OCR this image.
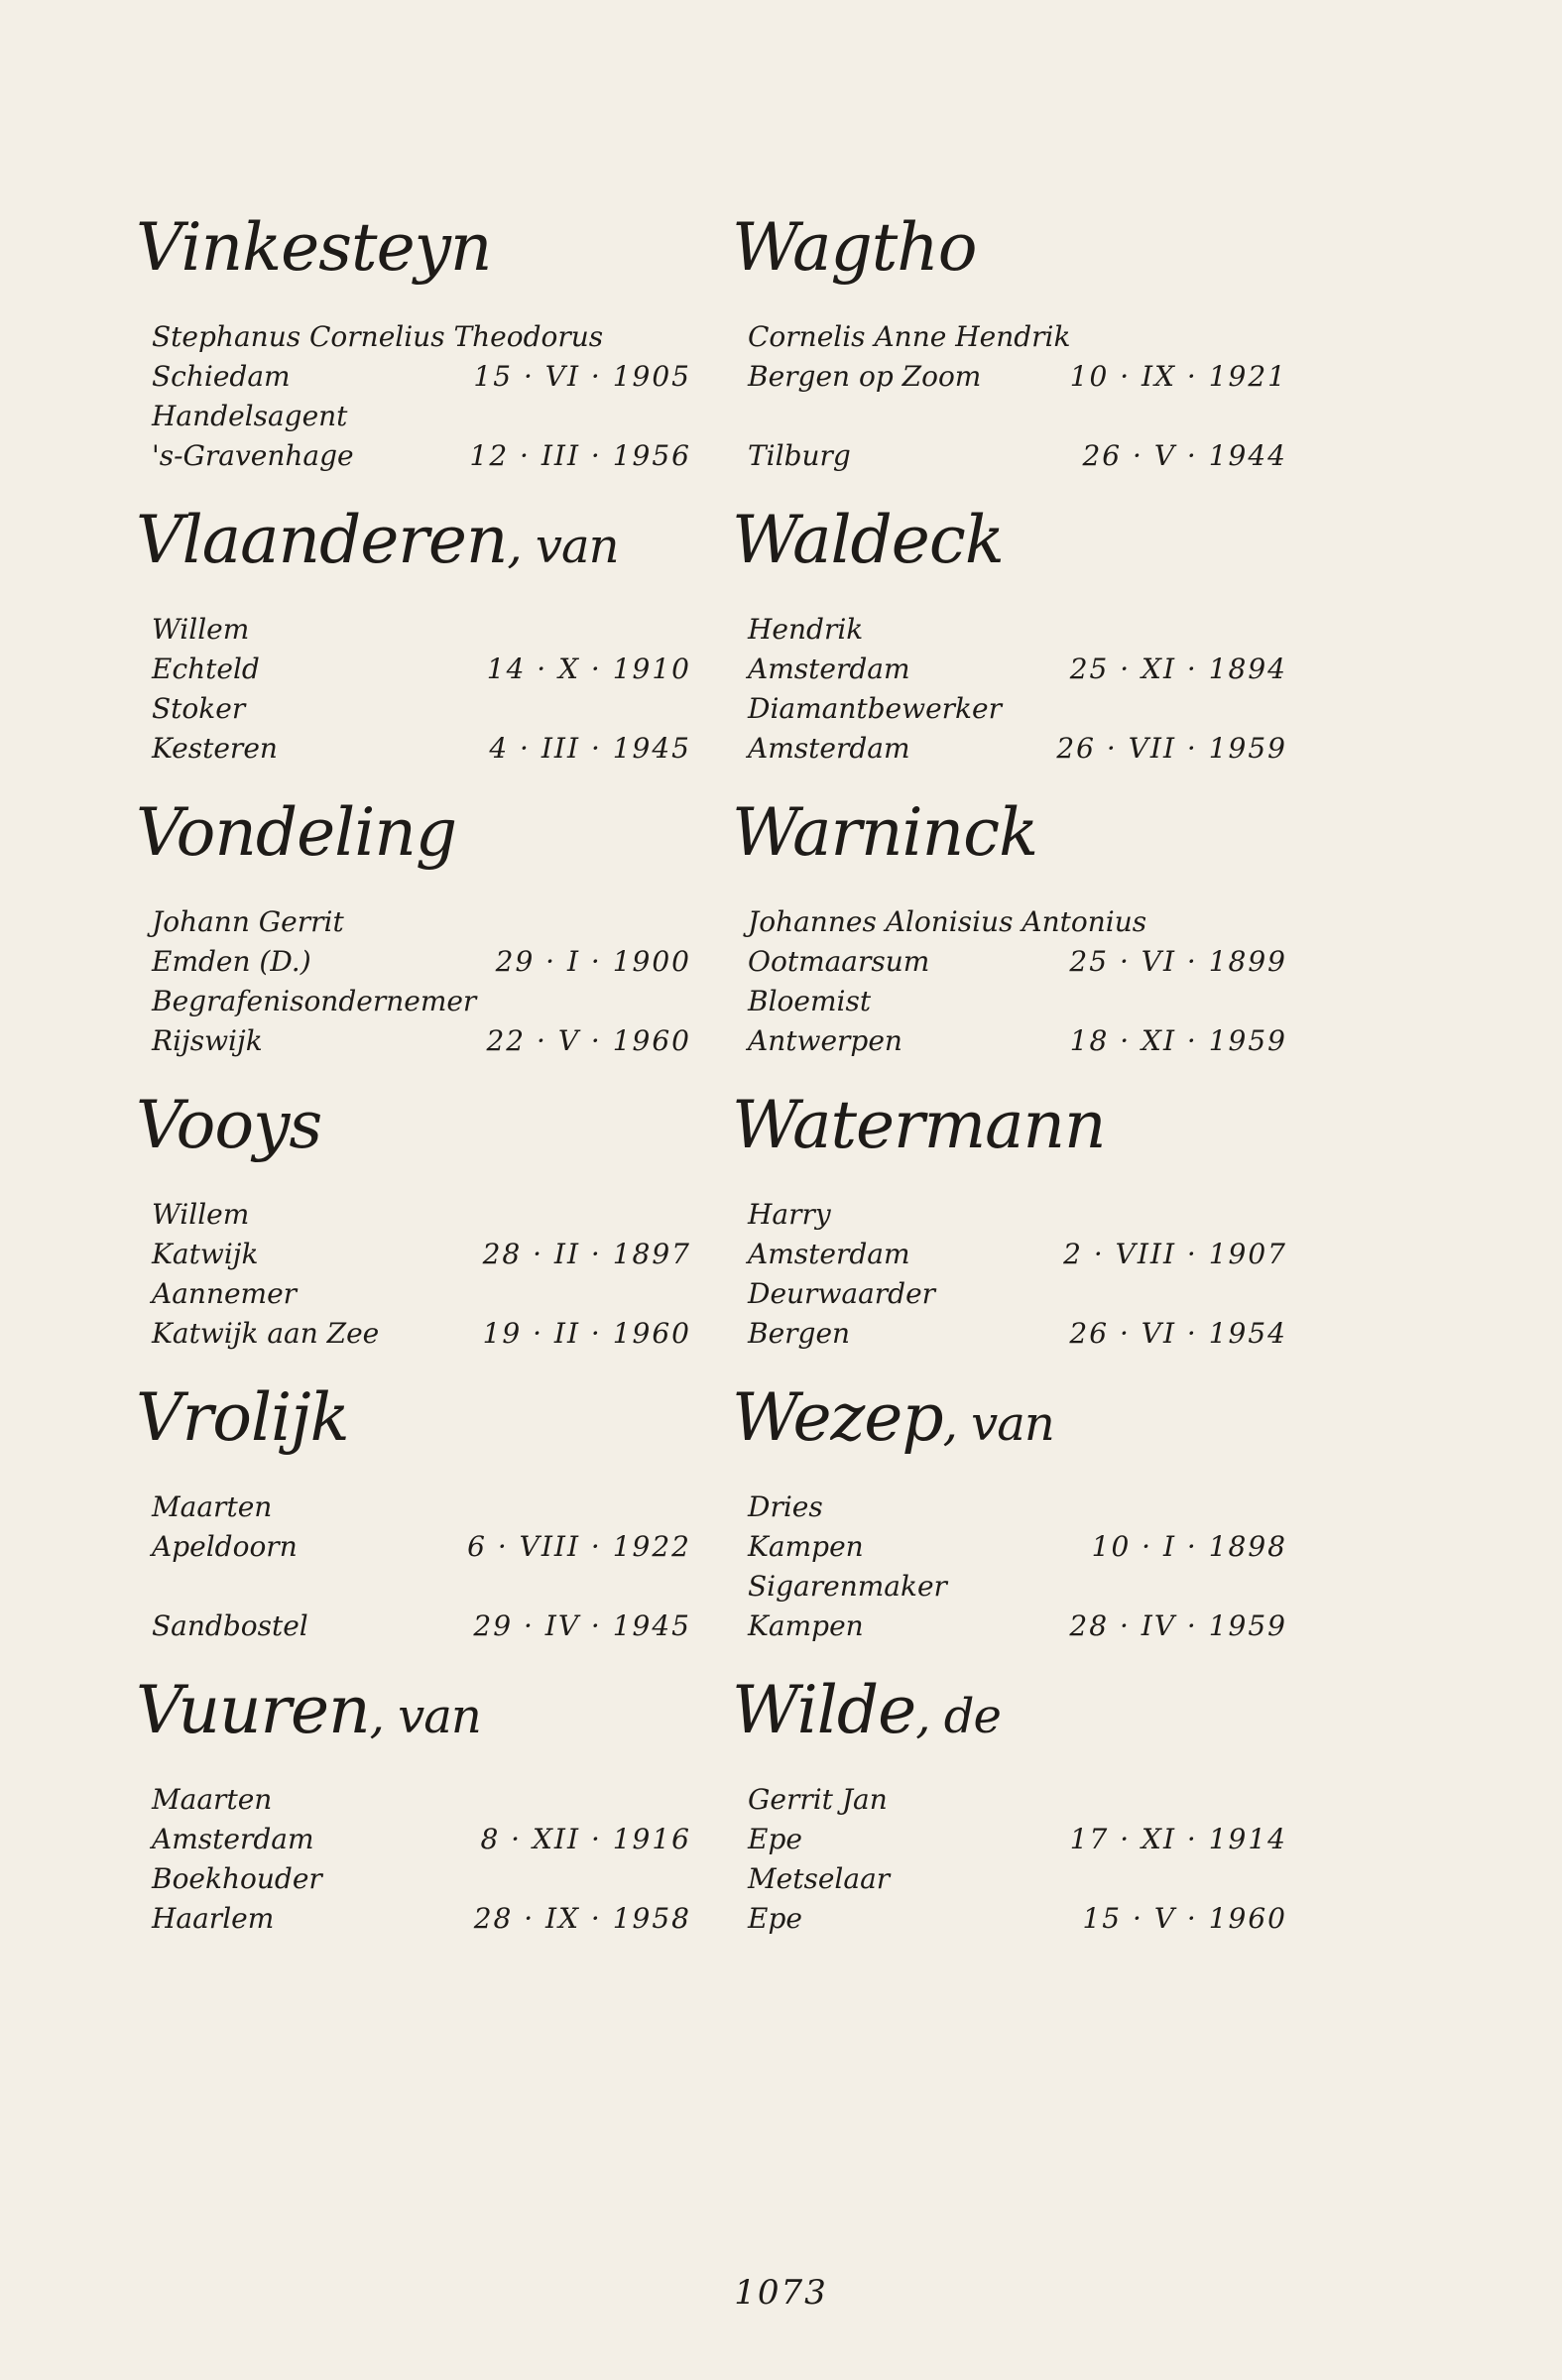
Vinkesteyn
Stephanus Cornelius Theodorus
Schiedam	15 · VI · 1905
Handelsagent
's-Gravenhage	12 · III · 1956
Vlaanderen, van
Willem
Echteld	14 · X · 1910
Stoker
Kesteren	4 · III · 1945
Vondeling
Johann Gerrit
Emden (D.)	29 · I · 1900
Begrafenisondernemer
Rijswijk	22 · V · 1960
Vooys
Willem
Katwijk	28 · II · 1897
Aannemer
Katwijk aan Zee	19 · II · 1960
Vrolijk
Maarten
Apeldoorn	6 · VIII · 1922
Sandbostel	29 · IV · 1945
Vuuren, van
Maarten
Amsterdam	8 · XII · 1916
Boekhouder
Haarlem	28 · IX · 1958
Wagtho
Cornelis Anne Hendrik
Bergen op Zoom	10 · IX · 1921
Tilburg	26 · V · 1944
Waldeck
Hendrik
Amsterdam	25 · XI · 1894
Diamantbewerker
Amsterdam	26 · VII · 1959
Warninck
Johannes Alonisius Antonius
Ootmaarsum	25 · VI · 1899
Bloemist
Antwerpen	18 · XI · 1959
Watermann
Harry
Amsterdam	2 · VIII · 1907
Deurwaarder
Bergen	26 · VI · 1954
Wezep, van
Dries
Kampen	10 · I · 1898
Sigarenmaker
Kampen	28 · IV · 1959
Wilde, de
Gerrit Jan
Epe	17 · XI · 1914
Metselaar
Epe	15 · V · 1960
1073
